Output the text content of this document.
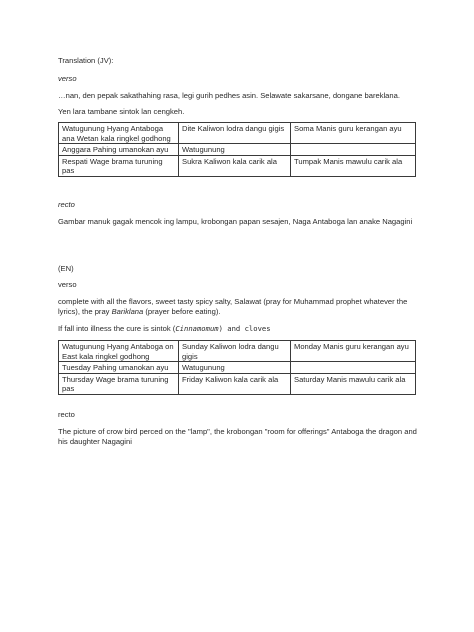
Translation (JV):

verso

…nan, den pepak sakathahing rasa, legi gurih pedhes asin. Selawate sakarsane, dongane bareklana.

Yen lara tambane sintok lan cengkeh.

Watugunung Hyang Antaboga ana Wetan kala ringkel godhong	Dite Kaliwon lodra dangu gigis	Soma Manis guru kerangan ayu
Anggara Pahing umanokan ayu	Watugunung	
Respati Wage brama turuning pas	Sukra Kaliwon kala carik ala	Tumpak Manis mawulu carik ala

recto

Gambar manuk gagak mencok ing lampu, krobongan papan sesajen, Naga Antaboga lan anake Nagagini

(EN)

verso

complete with all the flavors, sweet tasty spicy salty, Salawat (pray for Muhammad prophet whatever the lyrics), the pray Bariklana (prayer before eating).

If fall into illness the cure is sintok (Cinnamomum) and cloves

Watugunung Hyang Antaboga on East kala ringkel godhong	Sunday Kaliwon lodra dangu gigis	Monday Manis guru kerangan ayu
Tuesday Pahing umanokan ayu	Watugunung	
Thursday Wage brama turuning pas	Friday Kaliwon kala carik ala	Saturday Manis mawulu carik ala

recto

The picture of crow bird perced on the "lamp", the krobongan "room for offerings" Antaboga the dragon and his daughter Nagagini
